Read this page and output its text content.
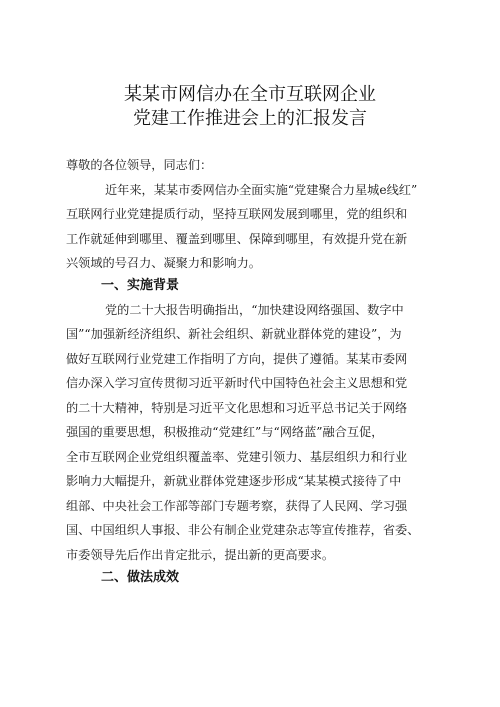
某某市网信办在全市互联网企业
党建工作推进会上的汇报发言
尊敬的各位领导，同志们：
近年来，某某市委网信办全面实施“党建聚合力星城e线红”
互联网行业党建提质行动，坚持互联网发展到哪里，党的组织和
工作就延伸到哪里、覆盖到哪里、保障到哪里，有效提升党在新
兴领域的号召力、凝聚力和影响力。
一、实施背景
党的二十大报告明确指出，“加快建设网络强国、数字中
国”“加强新经济组织、新社会组织、新就业群体党的建设”，为
做好互联网行业党建工作指明了方向，提供了遵循。某某市委网
信办深入学习宣传贯彻习近平新时代中国特色社会主义思想和党
的二十大精神，特别是习近平文化思想和习近平总书记关于网络
强国的重要思想，积极推动“党建红”与“网络蓝”融合互促，
全市互联网企业党组织覆盖率、党建引领力、基层组织力和行业
影响力大幅提升，新就业群体党建逐步形成“某某模式接待了中
组部、中央社会工作部等部门专题考察，获得了人民网、学习强
国、中国组织人事报、非公有制企业党建杂志等宣传推荐，省委、
市委领导先后作出肯定批示，提出新的更高要求。
二、做法成效
